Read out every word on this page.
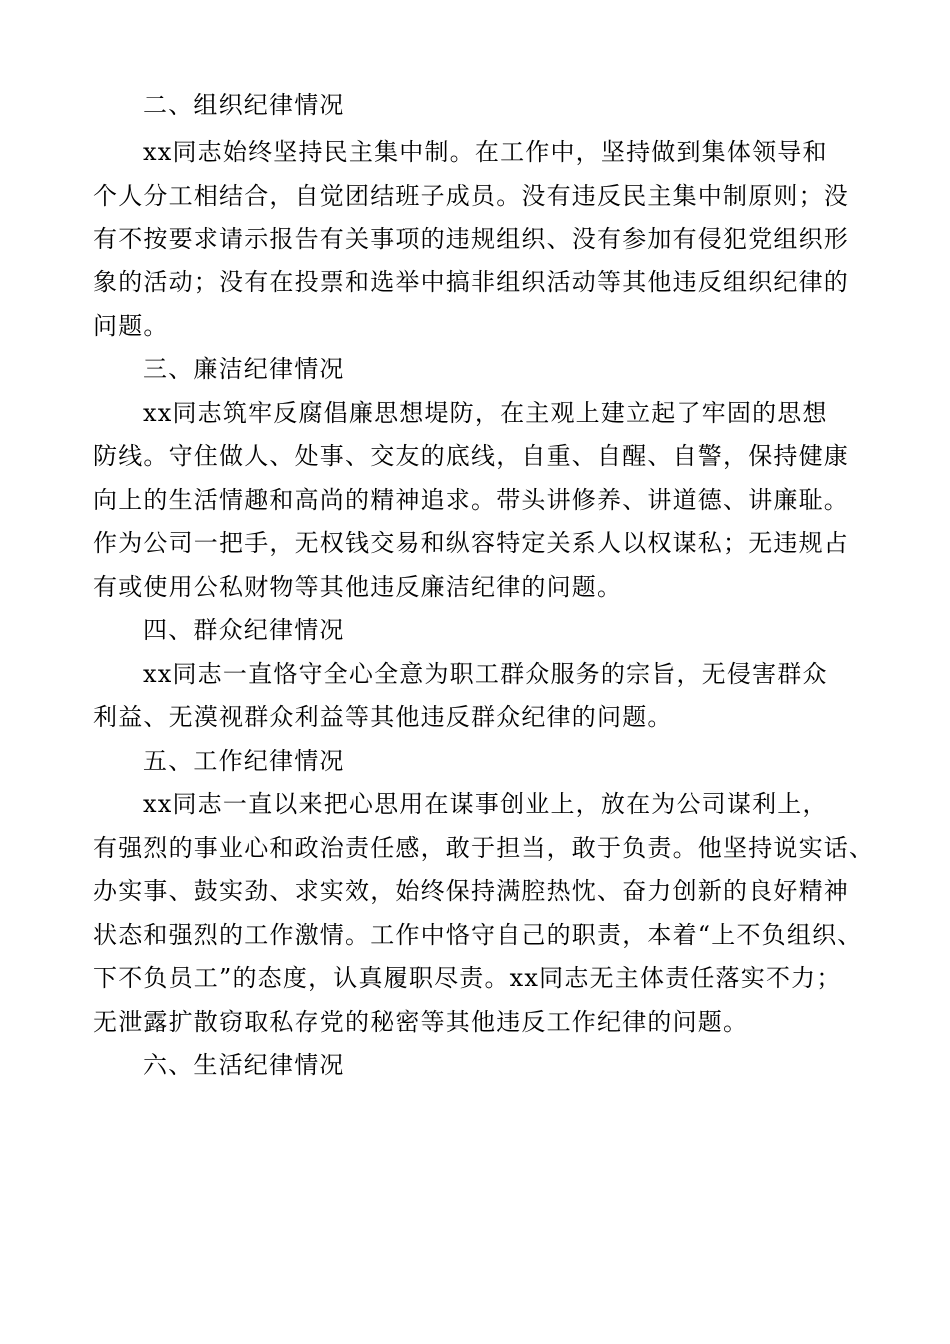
二、组织纪律情况
xx同志始终坚持民主集中制。在工作中，坚持做到集体领导和
个人分工相结合，自觉团结班子成员。没有违反民主集中制原则；没
有不按要求请示报告有关事项的违规组织、没有参加有侵犯党组织形
象的活动；没有在投票和选举中搞非组织活动等其他违反组织纪律的
问题。
三、廉洁纪律情况
xx同志筑牢反腐倡廉思想堤防，在主观上建立起了牢固的思想
防线。守住做人、处事、交友的底线，自重、自醒、自警，保持健康
向上的生活情趣和高尚的精神追求。带头讲修养、讲道德、讲廉耻。
作为公司一把手，无权钱交易和纵容特定关系人以权谋私；无违规占
有或使用公私财物等其他违反廉洁纪律的问题。
四、群众纪律情况
xx同志一直恪守全心全意为职工群众服务的宗旨，无侵害群众
利益、无漠视群众利益等其他违反群众纪律的问题。
五、工作纪律情况
xx同志一直以来把心思用在谋事创业上，放在为公司谋利上，
有强烈的事业心和政治责任感，敢于担当，敢于负责。他坚持说实话、
办实事、鼓实劲、求实效，始终保持满腔热忱、奋力创新的良好精神
状态和强烈的工作激情。工作中恪守自己的职责，本着“上不负组织、
下不负员工”的态度，认真履职尽责。xx同志无主体责任落实不力；
无泄露扩散窃取私存党的秘密等其他违反工作纪律的问题。
六、生活纪律情况
